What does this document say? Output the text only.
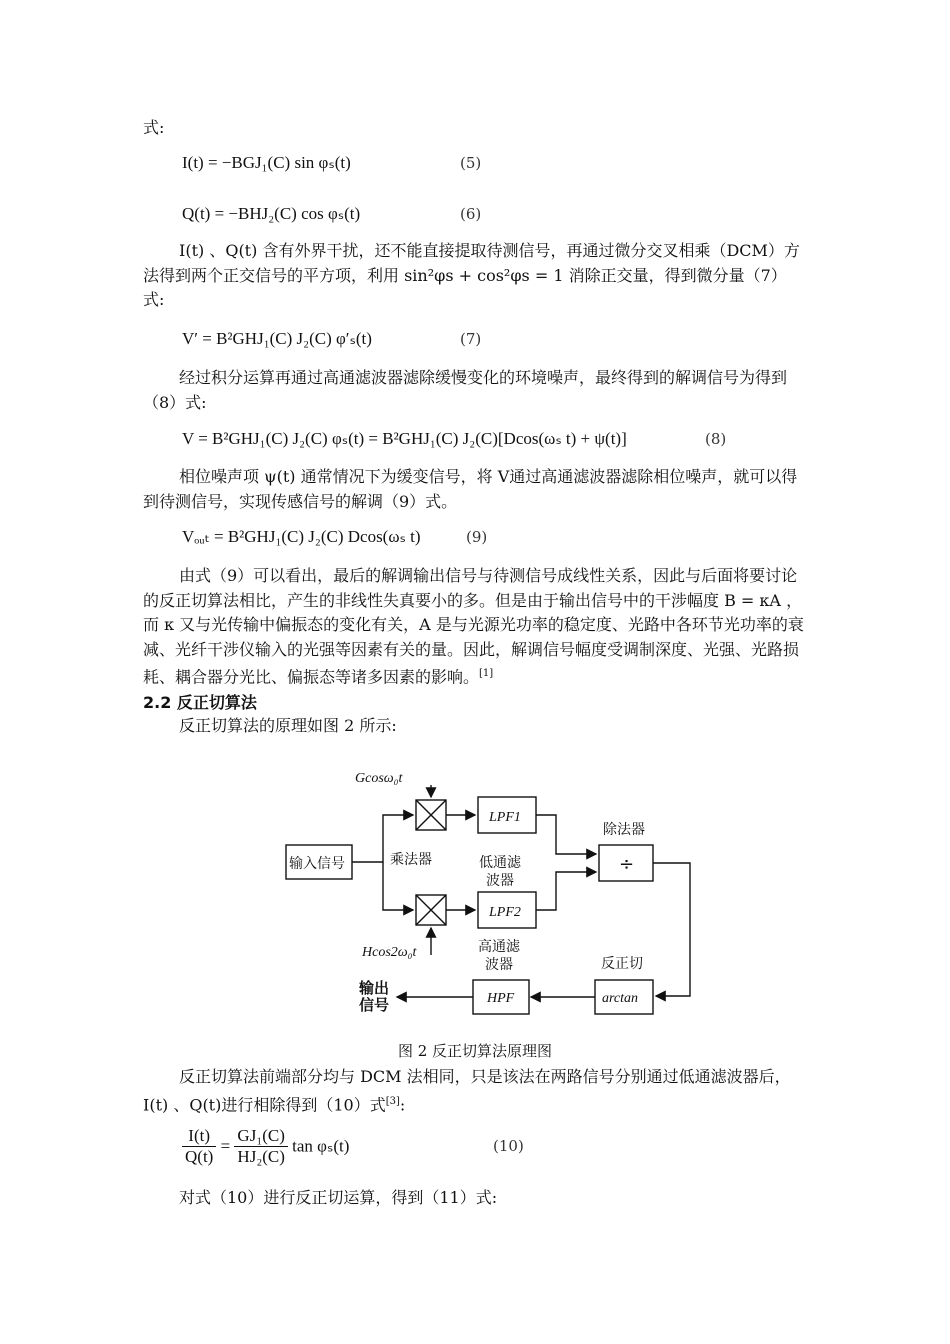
式:
I(t) = −BGJ₁(C) sin φₛ(t)	(5)
Q(t) = −BHJ₂(C) cos φₛ(t)	(6)
I(t) 、Q(t) 含有外界干扰，还不能直接提取待测信号，再通过微分交叉相乘（DCM）方法得到两个正交信号的平方项，利用 sin²φs + cos²φs = 1 消除正交量，得到微分量（7）式:
V′ = B²GHJ₁(C) J₂(C) φ′ₛ(t)	(7)
经过积分运算再通过高通滤波器滤除缓慢变化的环境噪声，最终得到的解调信号为得到（8）式:
V = B²GHJ₁(C) J₂(C) φₛ(t) = B²GHJ₁(C) J₂(C)[Dcos(ωₛ t) + ψ(t)]	(8)
相位噪声项 ψ(t) 通常情况下为缓变信号，将 V通过高通滤波器滤除相位噪声，就可以得到待测信号，实现传感信号的解调（9）式。
Vₒᵤₜ = B²GHJ₁(C) J₂(C) Dcos(ωₛ t)	(9)
由式（9）可以看出，最后的解调输出信号与待测信号成线性关系，因此与后面将要讨论的反正切算法相比，产生的非线性失真要小的多。但是由于输出信号中的干涉幅度 B = κA ，而 κ 又与光传输中偏振态的变化有关，A 是与光源光功率的稳定度、光路中各环节光功率的衰减、光纤干涉仪输入的光强等因素有关的量。因此，解调信号幅度受调制深度、光强、光路损耗、耦合器分光比、偏振态等诸多因素的影响。[1]
2.2 反正切算法
反正切算法的原理如图 2 所示:
Gcosω₀t
Hcos2ω₀t
输入信号	乘法器
LPF1
LPF2
低通滤
波器
除法器
÷
高通滤
波器	反正切
arctan
HPF
输出
信号
图 2 反正切算法原理图
反正切算法前端部分均与 DCM 法相同，只是该法在两路信号分别通过低通滤波器后，I(t) 、Q(t)进行相除得到（10）式[3]:
$\frac{I(t)}{Q(t)} = \frac{\text{GJ₁(C)}}{\text{HJ₂(C)}}$ tan φₛ(t)	(10)
对式（10）进行反正切运算，得到（11）式:
